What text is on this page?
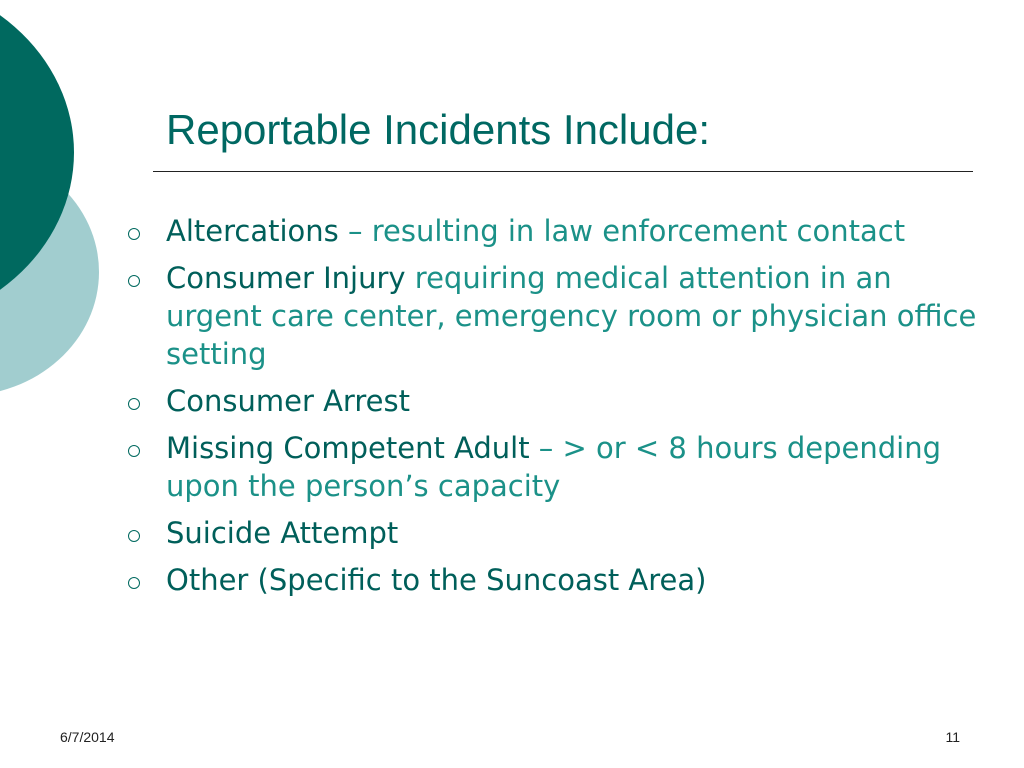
Reportable Incidents Include:
Altercations – resulting in law enforcement contact
Consumer Injury requiring medical attention in an urgent care center, emergency room or physician office setting
Consumer Arrest
Missing Competent Adult – > or < 8 hours depending upon the person’s capacity
Suicide Attempt
Other (Specific to the Suncoast Area)
6/7/2014	11
